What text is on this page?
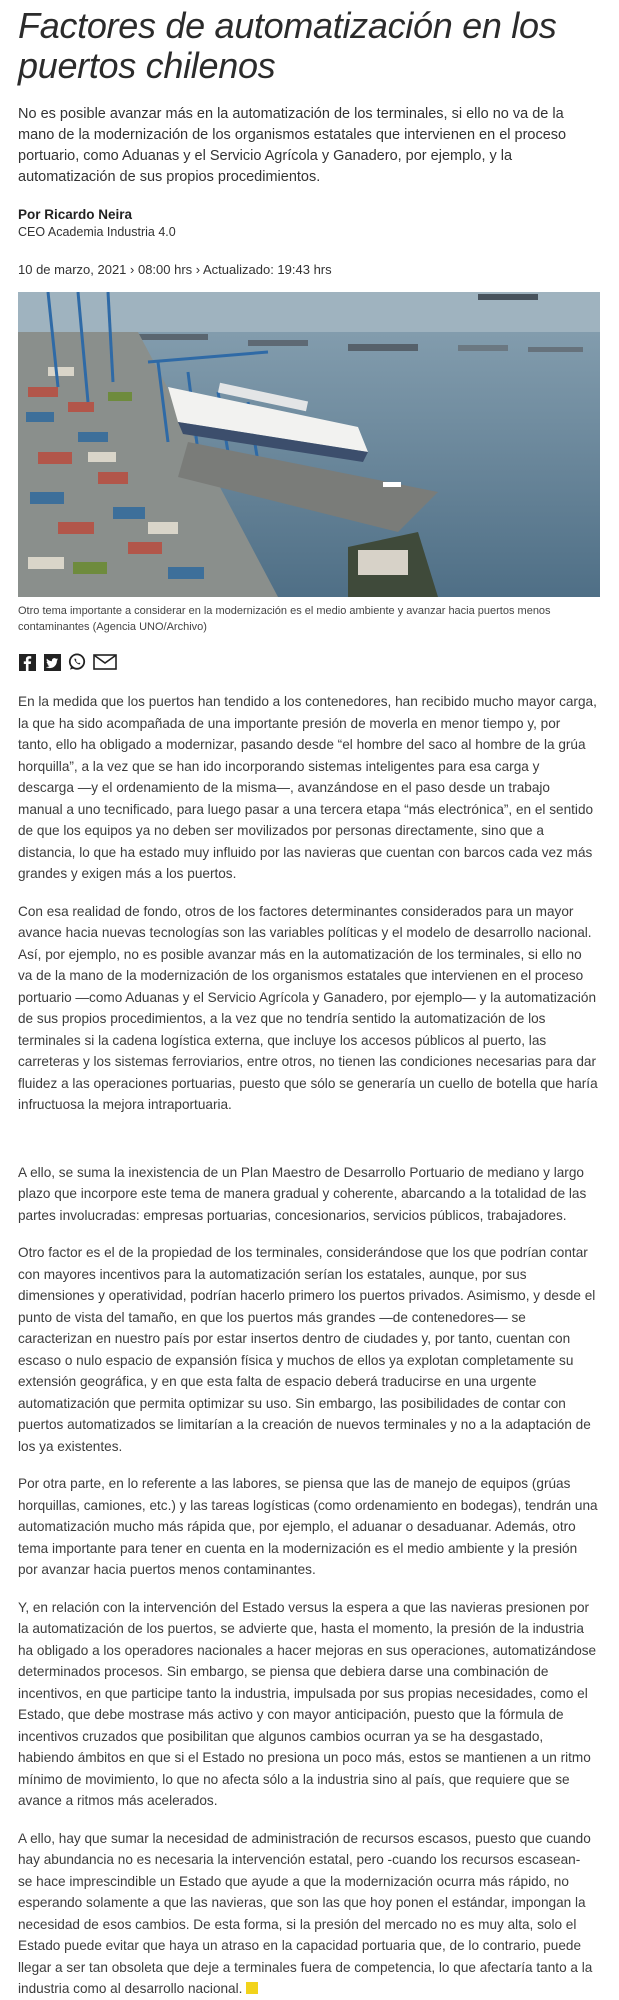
Factores de automatización en los puertos chilenos

No es posible avanzar más en la automatización de los terminales, si ello no va de la mano de la modernización de los organismos estatales que intervienen en el proceso portuario, como Aduanas y el Servicio Agrícola y Ganadero, por ejemplo, y la automatización de sus propios procedimientos.

Por Ricardo Neira
CEO Academia Industria 4.0
10 de marzo, 2021 › 08:00 hrs › Actualizado: 19:43 hrs
Otro tema importante a considerar en la modernización es el medio ambiente y avanzar hacia puertos menos contaminantes (Agencia UNO/Archivo)

En la medida que los puertos han tendido a los contenedores, han recibido mucho mayor carga, la que ha sido acompañada de una importante presión de moverla en menor tiempo y, por tanto, ello ha obligado a modernizar, pasando desde “el hombre del saco al hombre de la grúa horquilla”, a la vez que se han ido incorporando sistemas inteligentes para esa carga y descarga —y el ordenamiento de la misma—, avanzándose en el paso desde un trabajo manual a uno tecnificado, para luego pasar a una tercera etapa “más electrónica”, en el sentido de que los equipos ya no deben ser movilizados por personas directamente, sino que a distancia, lo que ha estado muy influido por las navieras que cuentan con barcos cada vez más grandes y exigen más a los puertos.

Con esa realidad de fondo, otros de los factores determinantes considerados para un mayor avance hacia nuevas tecnologías son las variables políticas y el modelo de desarrollo nacional. Así, por ejemplo, no es posible avanzar más en la automatización de los terminales, si ello no va de la mano de la modernización de los organismos estatales que intervienen en el proceso portuario —como Aduanas y el Servicio Agrícola y Ganadero, por ejemplo— y la automatización de sus propios procedimientos, a la vez que no tendría sentido la automatización de los terminales si la cadena logística externa, que incluye los accesos públicos al puerto, las carreteras y los sistemas ferroviarios, entre otros, no tienen las condiciones necesarias para dar fluidez a las operaciones portuarias, puesto que sólo se generaría un cuello de botella que haría infructuosa la mejora intraportuaria.

A ello, se suma la inexistencia de un Plan Maestro de Desarrollo Portuario de mediano y largo plazo que incorpore este tema de manera gradual y coherente, abarcando a la totalidad de las partes involucradas: empresas portuarias, concesionarios, servicios públicos, trabajadores.

Otro factor es el de la propiedad de los terminales, considerándose que los que podrían contar con mayores incentivos para la automatización serían los estatales, aunque, por sus dimensiones y operatividad, podrían hacerlo primero los puertos privados. Asimismo, y desde el punto de vista del tamaño, en que los puertos más grandes —de contenedores— se caracterizan en nuestro país por estar insertos dentro de ciudades y, por tanto, cuentan con escaso o nulo espacio de expansión física y muchos de ellos ya explotan completamente su extensión geográfica, y en que esta falta de espacio deberá traducirse en una urgente automatización que permita optimizar su uso. Sin embargo, las posibilidades de contar con puertos automatizados se limitarían a la creación de nuevos terminales y no a la adaptación de los ya existentes.

Por otra parte, en lo referente a las labores, se piensa que las de manejo de equipos (grúas horquillas, camiones, etc.) y las tareas logísticas (como ordenamiento en bodegas), tendrán una automatización mucho más rápida que, por ejemplo, el aduanar o desaduanar. Además, otro tema importante para tener en cuenta en la modernización es el medio ambiente y la presión por avanzar hacia puertos menos contaminantes.

Y, en relación con la intervención del Estado versus la espera a que las navieras presionen por la automatización de los puertos, se advierte que, hasta el momento, la presión de la industria ha obligado a los operadores nacionales a hacer mejoras en sus operaciones, automatizándose determinados procesos. Sin embargo, se piensa que debiera darse una combinación de incentivos, en que participe tanto la industria, impulsada por sus propias necesidades, como el Estado, que debe mostrase más activo y con mayor anticipación, puesto que la fórmula de incentivos cruzados que posibilitan que algunos cambios ocurran ya se ha desgastado, habiendo ámbitos en que si el Estado no presiona un poco más, estos se mantienen a un ritmo mínimo de movimiento, lo que no afecta sólo a la industria sino al país, que requiere que se avance a ritmos más acelerados.

A ello, hay que sumar la necesidad de administración de recursos escasos, puesto que cuando hay abundancia no es necesaria la intervención estatal, pero -cuando los recursos escasean- se hace imprescindible un Estado que ayude a que la modernización ocurra más rápido, no esperando solamente a que las navieras, que son las que hoy ponen el estándar, impongan la necesidad de esos cambios. De esta forma, si la presión del mercado no es muy alta, solo el Estado puede evitar que haya un atraso en la capacidad portuaria que, de lo contrario, puede llegar a ser tan obsoleta que deje a terminales fuera de competencia, lo que afectaría tanto a la industria como al desarrollo nacional.
